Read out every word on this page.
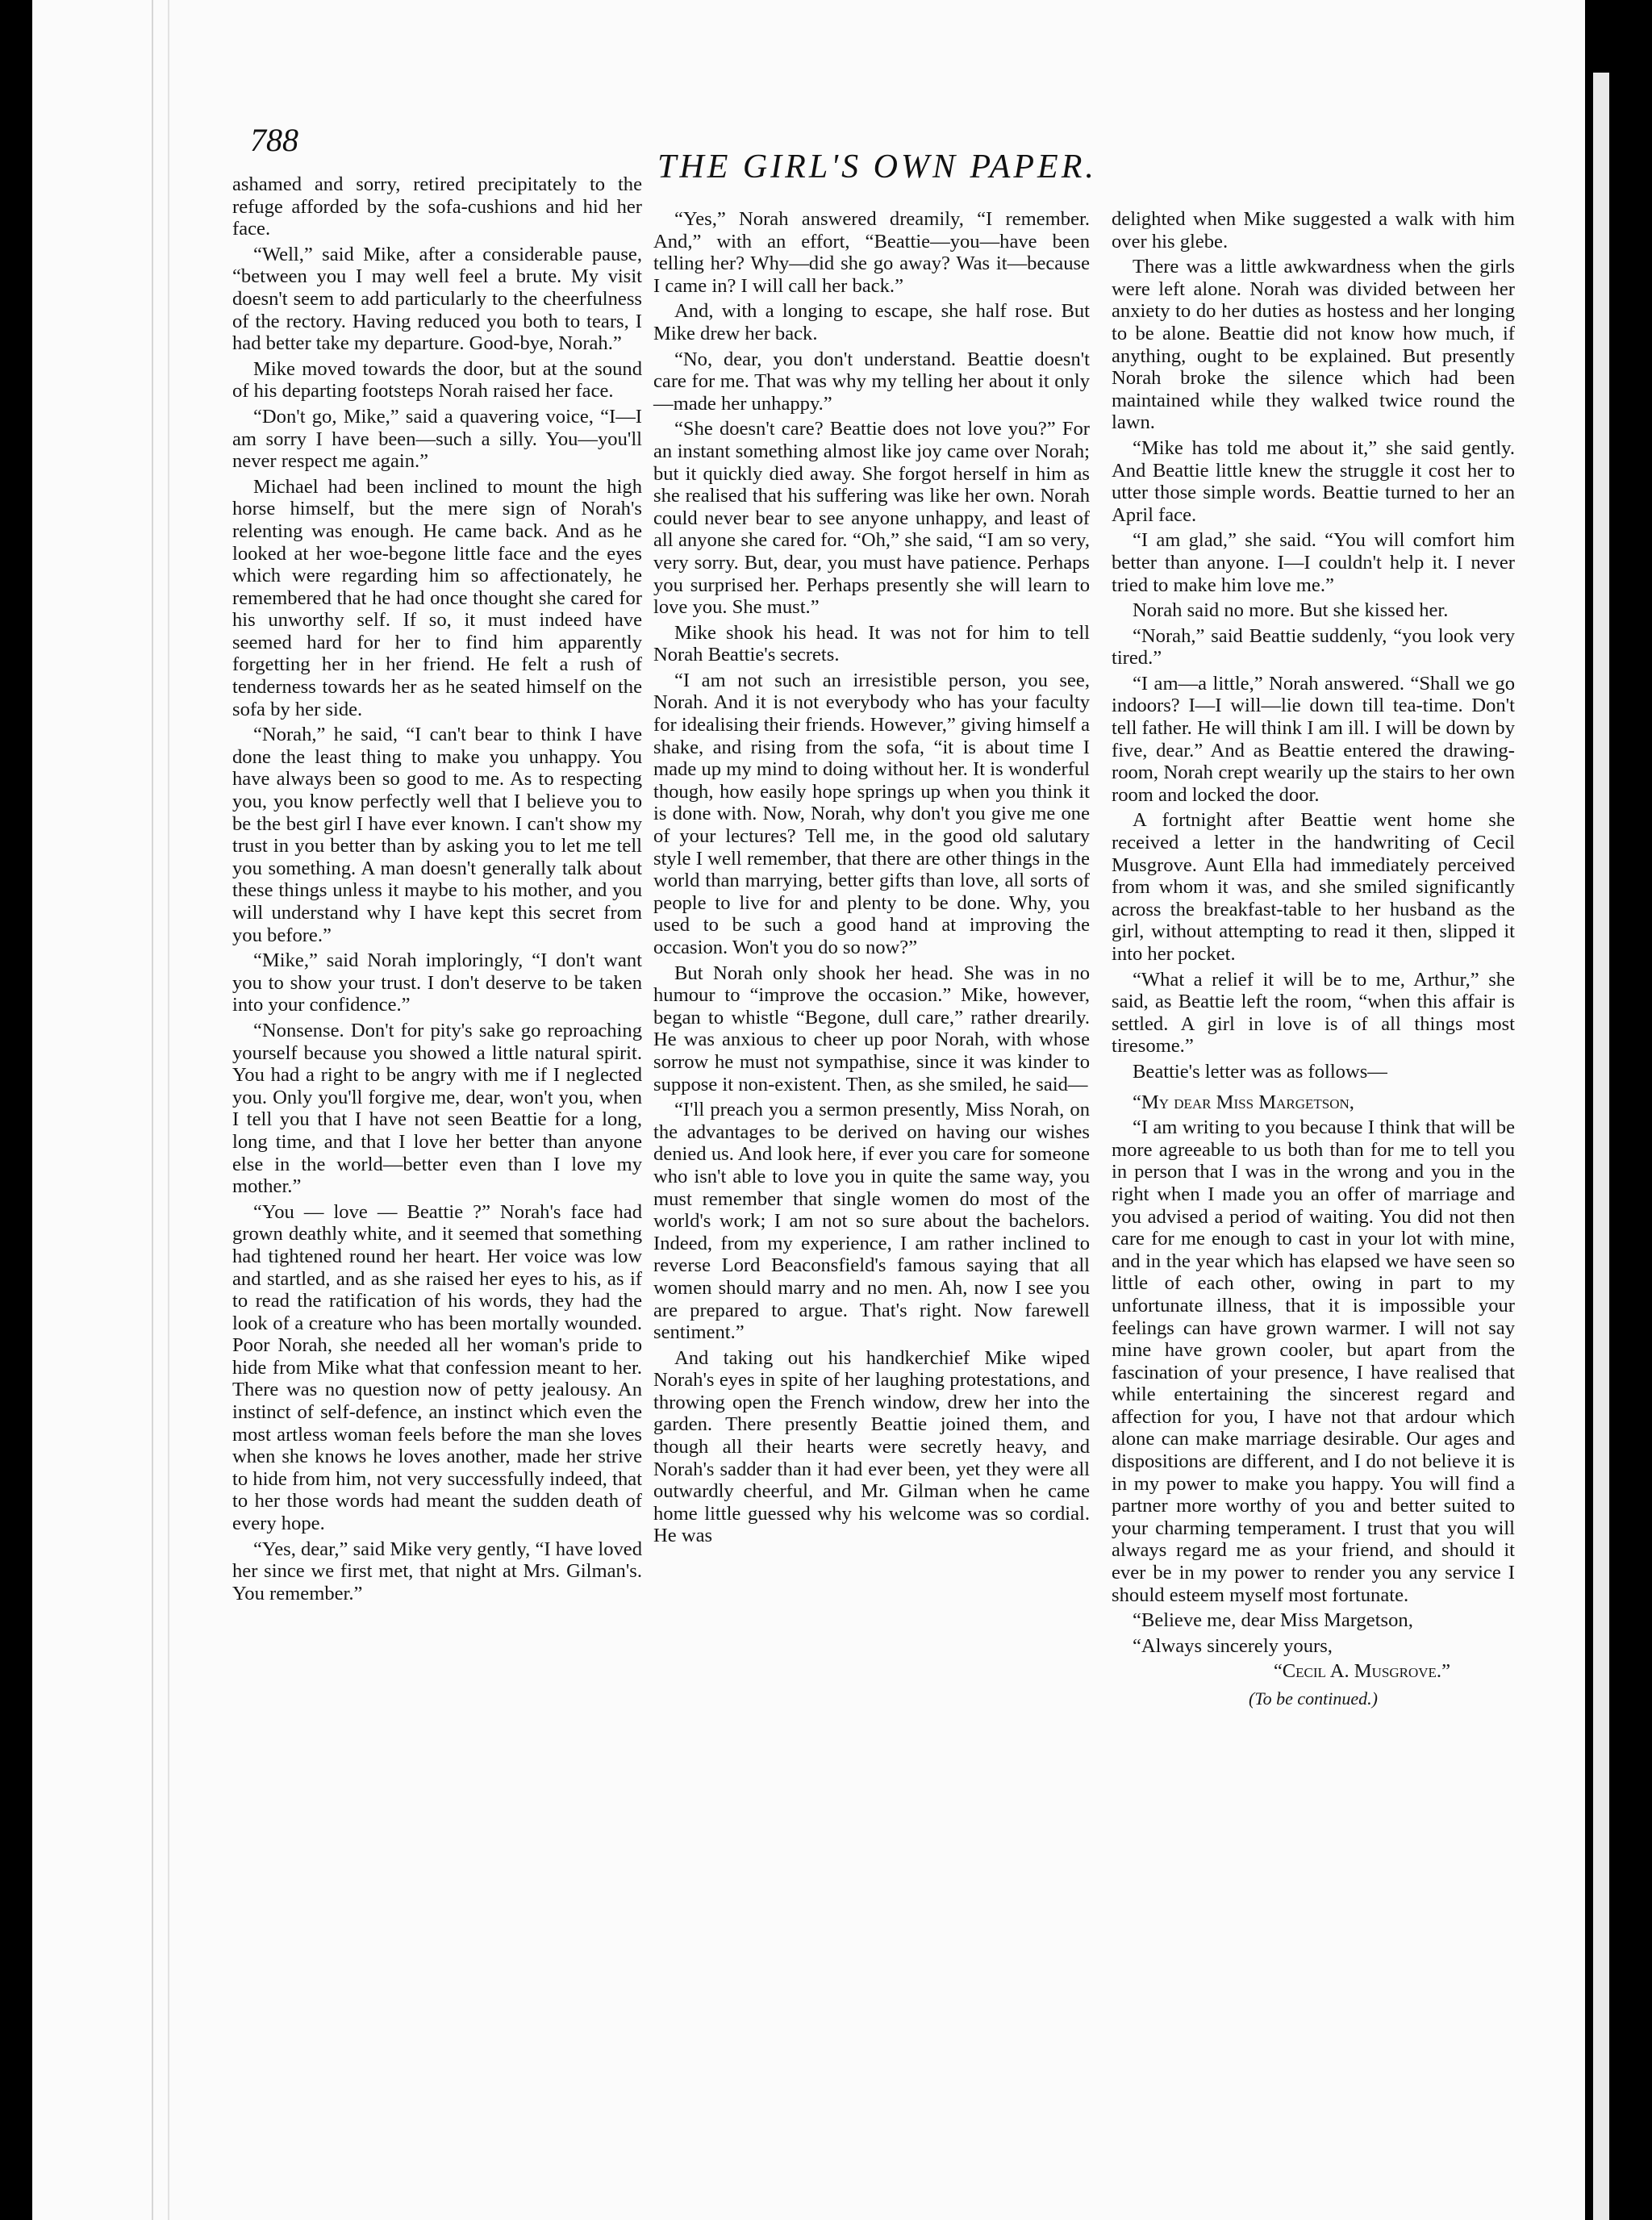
788
THE GIRL'S OWN PAPER.

ashamed and sorry, retired precipitately to the refuge afforded by the sofa-cushions and hid her face.

“Well,” said Mike, after a considerable pause, “between you I may well feel a brute. My visit doesn't seem to add particularly to the cheerfulness of the rectory. Having reduced you both to tears, I had better take my departure. Good-bye, Norah.”

Mike moved towards the door, but at the sound of his departing footsteps Norah raised her face.

“Don't go, Mike,” said a quavering voice, “I—I am sorry I have been—such a silly. You—you'll never respect me again.”

Michael had been inclined to mount the high horse himself, but the mere sign of Norah's relenting was enough. He came back. And as he looked at her woe-begone little face and the eyes which were regarding him so affectionately, he remembered that he had once thought she cared for his unworthy self. If so, it must indeed have seemed hard for her to find him apparently forgetting her in her friend. He felt a rush of tenderness towards her as he seated himself on the sofa by her side.

“Norah,” he said, “I can't bear to think I have done the least thing to make you unhappy. You have always been so good to me. As to respecting you, you know perfectly well that I believe you to be the best girl I have ever known. I can't show my trust in you better than by asking you to let me tell you something. A man doesn't generally talk about these things unless it maybe to his mother, and you will understand why I have kept this secret from you before.”

“Mike,” said Norah imploringly, “I don't want you to show your trust. I don't deserve to be taken into your confidence.”

“Nonsense. Don't for pity's sake go reproaching yourself because you showed a little natural spirit. You had a right to be angry with me if I neglected you. Only you'll forgive me, dear, won't you, when I tell you that I have not seen Beattie for a long, long time, and that I love her better than anyone else in the world—better even than I love my mother.”

“You — love — Beattie ?” Norah's face had grown deathly white, and it seemed that something had tightened round her heart. Her voice was low and startled, and as she raised her eyes to his, as if to read the ratification of his words, they had the look of a creature who has been mortally wounded. Poor Norah, she needed all her woman's pride to hide from Mike what that confession meant to her. There was no question now of petty jealousy. An instinct of self-defence, an instinct which even the most artless woman feels before the man she loves when she knows he loves another, made her strive to hide from him, not very successfully indeed, that to her those words had meant the sudden death of every hope.

“Yes, dear,” said Mike very gently, “I have loved her since we first met, that night at Mrs. Gilman's. You remember.”

“Yes,” Norah answered dreamily, “I remember. And,” with an effort, “Beattie—you—have been telling her? Why—did she go away? Was it—because I came in? I will call her back.”

And, with a longing to escape, she half rose. But Mike drew her back.

“No, dear, you don't understand. Beattie doesn't care for me. That was why my telling her about it only—made her unhappy.”

“She doesn't care? Beattie does not love you?” For an instant something almost like joy came over Norah; but it quickly died away. She forgot herself in him as she realised that his suffering was like her own. Norah could never bear to see anyone unhappy, and least of all anyone she cared for. “Oh,” she said, “I am so very, very sorry. But, dear, you must have patience. Perhaps you surprised her. Perhaps presently she will learn to love you. She must.”

Mike shook his head. It was not for him to tell Norah Beattie's secrets.

“I am not such an irresistible person, you see, Norah. And it is not everybody who has your faculty for idealising their friends. However,” giving himself a shake, and rising from the sofa, “it is about time I made up my mind to doing without her. It is wonderful though, how easily hope springs up when you think it is done with. Now, Norah, why don't you give me one of your lectures? Tell me, in the good old salutary style I well remember, that there are other things in the world than marrying, better gifts than love, all sorts of people to live for and plenty to be done. Why, you used to be such a good hand at improving the occasion. Won't you do so now?”

But Norah only shook her head. She was in no humour to “improve the occasion.” Mike, however, began to whistle “Begone, dull care,” rather drearily. He was anxious to cheer up poor Norah, with whose sorrow he must not sympathise, since it was kinder to suppose it non-existent. Then, as she smiled, he said—

“I'll preach you a sermon presently, Miss Norah, on the advantages to be derived on having our wishes denied us. And look here, if ever you care for someone who isn't able to love you in quite the same way, you must remember that single women do most of the world's work; I am not so sure about the bachelors. Indeed, from my experience, I am rather inclined to reverse Lord Beaconsfield's famous saying that all women should marry and no men. Ah, now I see you are prepared to argue. That's right. Now farewell sentiment.”

And taking out his handkerchief Mike wiped Norah's eyes in spite of her laughing protestations, and throwing open the French window, drew her into the garden. There presently Beattie joined them, and though all their hearts were secretly heavy, and Norah's sadder than it had ever been, yet they were all outwardly cheerful, and Mr. Gilman when he came home little guessed why his welcome was so cordial. He was

delighted when Mike suggested a walk with him over his glebe.

There was a little awkwardness when the girls were left alone. Norah was divided between her anxiety to do her duties as hostess and her longing to be alone. Beattie did not know how much, if anything, ought to be explained. But presently Norah broke the silence which had been maintained while they walked twice round the lawn.

“Mike has told me about it,” she said gently. And Beattie little knew the struggle it cost her to utter those simple words. Beattie turned to her an April face.

“I am glad,” she said. “You will comfort him better than anyone. I—I couldn't help it. I never tried to make him love me.”

Norah said no more. But she kissed her.

“Norah,” said Beattie suddenly, “you look very tired.”

“I am—a little,” Norah answered. “Shall we go indoors? I—I will—lie down till tea-time. Don't tell father. He will think I am ill. I will be down by five, dear.” And as Beattie entered the drawing-room, Norah crept wearily up the stairs to her own room and locked the door.

A fortnight after Beattie went home she received a letter in the handwriting of Cecil Musgrove. Aunt Ella had immediately perceived from whom it was, and she smiled significantly across the breakfast-table to her husband as the girl, without attempting to read it then, slipped it into her pocket.

“What a relief it will be to me, Arthur,” she said, as Beattie left the room, “when this affair is settled. A girl in love is of all things most tiresome.”

Beattie's letter was as follows—

“My dear Miss Margetson,

“I am writing to you because I think that will be more agreeable to us both than for me to tell you in person that I was in the wrong and you in the right when I made you an offer of marriage and you advised a period of waiting. You did not then care for me enough to cast in your lot with mine, and in the year which has elapsed we have seen so little of each other, owing in part to my unfortunate illness, that it is impossible your feelings can have grown warmer. I will not say mine have grown cooler, but apart from the fascination of your presence, I have realised that while entertaining the sincerest regard and affection for you, I have not that ardour which alone can make marriage desirable. Our ages and dispositions are different, and I do not believe it is in my power to make you happy. You will find a partner more worthy of you and better suited to your charming temperament. I trust that you will always regard me as your friend, and should it ever be in my power to render you any service I should esteem myself most fortunate.

“Believe me, dear Miss Margetson,

“Always sincerely yours,

“Cecil A. Musgrove.”

(To be continued.)
